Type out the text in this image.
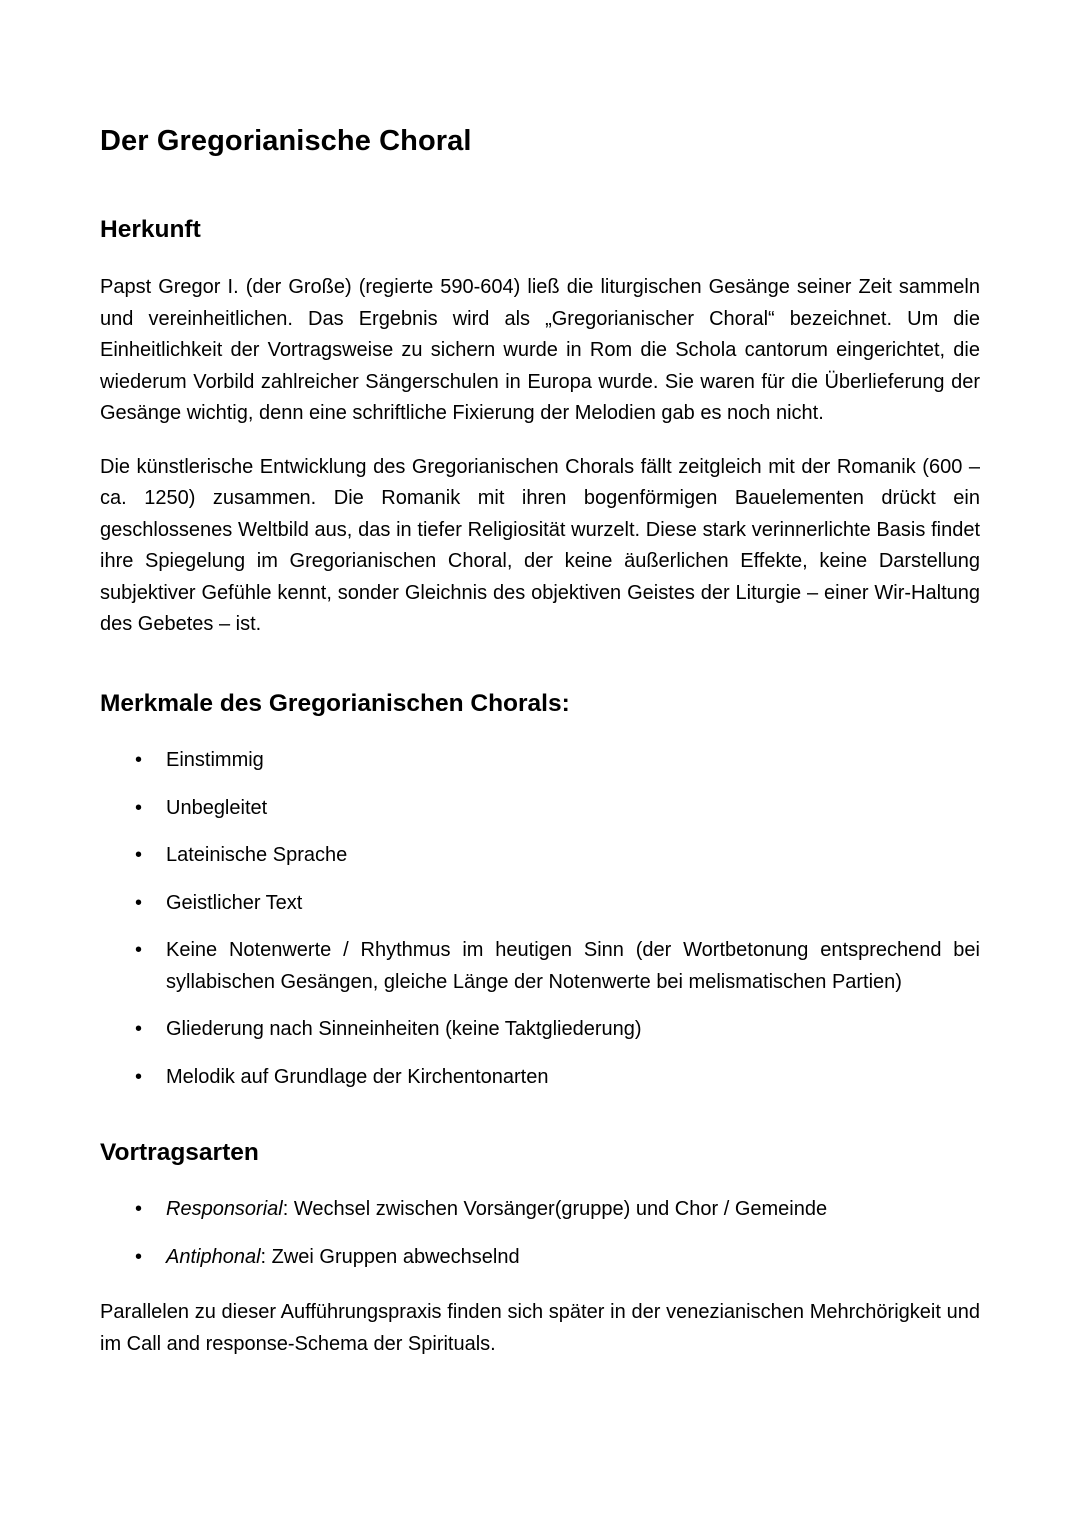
Der Gregorianische Choral
Herkunft

Papst Gregor I. (der Große) (regierte 590-604) ließ die liturgischen Gesänge seiner Zeit sammeln und vereinheitlichen. Das Ergebnis wird als „Gregorianischer Choral“ bezeichnet. Um die Einheitlichkeit der Vortragsweise zu sichern wurde in Rom die Schola cantorum eingerichtet, die wiederum Vorbild zahlreicher Sängerschulen in Europa wurde. Sie waren für die Überlieferung der Gesänge wichtig, denn eine schriftliche Fixierung der Melodien gab es noch nicht.

Die künstlerische Entwicklung des Gregorianischen Chorals fällt zeitgleich mit der Romanik (600 – ca. 1250) zusammen. Die Romanik mit ihren bogenförmigen Bauelementen drückt ein geschlossenes Weltbild aus, das in tiefer Religiosität wurzelt. Diese stark verinnerlichte Basis findet ihre Spiegelung im Gregorianischen Choral, der keine äußerlichen Effekte, keine Darstellung subjektiver Gefühle kennt, sonder Gleichnis des objektiven Geistes der Liturgie – einer Wir-Haltung des Gebetes – ist.

Merkmale des Gregorianischen Chorals:
• Einstimmig
• Unbegleitet
• Lateinische Sprache
• Geistlicher Text
• Keine Notenwerte / Rhythmus im heutigen Sinn (der Wortbetonung entsprechend bei syllabischen Gesängen, gleiche Länge der Notenwerte bei melismatischen Partien)
• Gliederung nach Sinneinheiten (keine Taktgliederung)
• Melodik auf Grundlage der Kirchentonarten
Vortragsarten
• Responsorial: Wechsel zwischen Vorsänger(gruppe) und Chor / Gemeinde
• Antiphonal: Zwei Gruppen abwechselnd

Parallelen zu dieser Aufführungspraxis finden sich später in der venezianischen Mehrchörigkeit und im Call and response-Schema der Spirituals.
